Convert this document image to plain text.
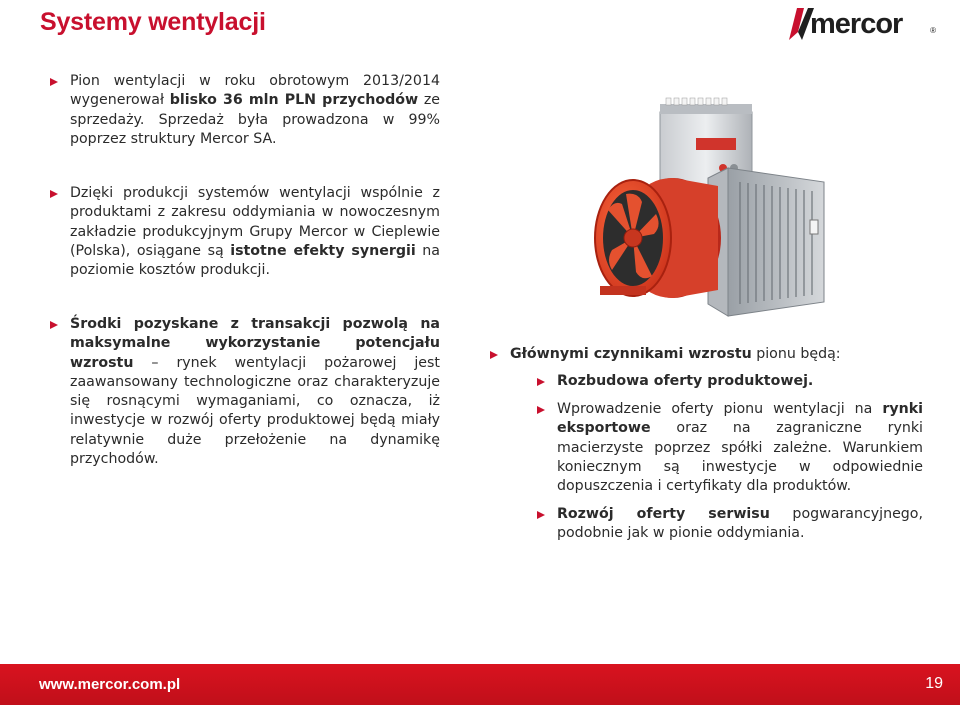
Systemy wentylacji	mercor	®
Pion wentylacji w roku obrotowym 2013/2014 wygenerował blisko 36 mln PLN przychodów ze sprzedaży. Sprzedaż była prowadzona w 99% poprzez struktury Mercor SA.
Dzięki produkcji systemów wentylacji wspólnie z produktami z zakresu oddymiania w nowoczesnym zakładzie produkcyjnym Grupy Mercor w Cieplewie (Polska), osiągane są istotne efekty synergii na poziomie kosztów produkcji.
Środki pozyskane z transakcji pozwolą na maksymalne wykorzystanie potencjału wzrostu – rynek wentylacji pożarowej jest zaawansowany technologiczne oraz charakteryzuje się rosnącymi wymaganiami, co oznacza, iż inwestycje w rozwój oferty produktowej będą miały relatywnie duże przełożenie na dynamikę przychodów.
Głównymi czynnikami wzrostu pionu będą:
Rozbudowa oferty produktowej.
Wprowadzenie oferty pionu wentylacji na rynki eksportowe oraz na zagraniczne rynki macierzyste poprzez spółki zależne. Warunkiem koniecznym są inwestycje w odpowiednie dopuszczenia i certyfikaty dla produktów.
Rozwój oferty serwisu pogwarancyjnego, podobnie jak w pionie oddymiania.
www.mercor.com.pl	19
